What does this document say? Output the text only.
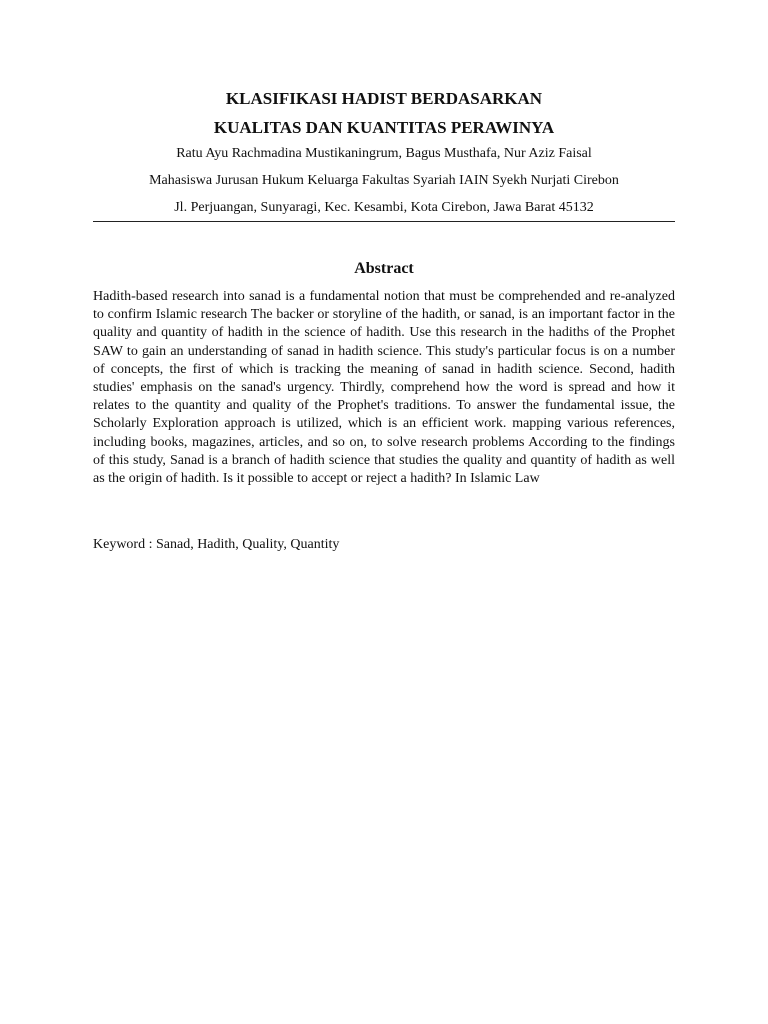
KLASIFIKASI HADIST BERDASARKAN
KUALITAS DAN KUANTITAS PERAWINYA

Ratu Ayu Rachmadina Mustikaningrum, Bagus Musthafa, Nur Aziz Faisal

Mahasiswa Jurusan Hukum Keluarga Fakultas Syariah IAIN Syekh Nurjati Cirebon

Jl. Perjuangan, Sunyaragi, Kec. Kesambi, Kota Cirebon, Jawa Barat 45132

Abstract

Hadith-based research into sanad is a fundamental notion that must be comprehended and re-analyzed to confirm Islamic research The backer or storyline of the hadith, or sanad, is an important factor in the quality and quantity of hadith in the science of hadith. Use this research in the hadiths of the Prophet SAW to gain an understanding of sanad in hadith science. This study's particular focus is on a number of concepts, the first of which is tracking the meaning of sanad in hadith science. Second, hadith studies' emphasis on the sanad's urgency. Thirdly, comprehend how the word is spread and how it relates to the quantity and quality of the Prophet's traditions. To answer the fundamental issue, the Scholarly Exploration approach is utilized, which is an efficient work. mapping various references, including books, magazines, articles, and so on, to solve research problems According to the findings of this study, Sanad is a branch of hadith science that studies the quality and quantity of hadith as well as the origin of hadith. Is it possible to accept or reject a hadith? In Islamic Law

Keyword : Sanad, Hadith, Quality, Quantity
